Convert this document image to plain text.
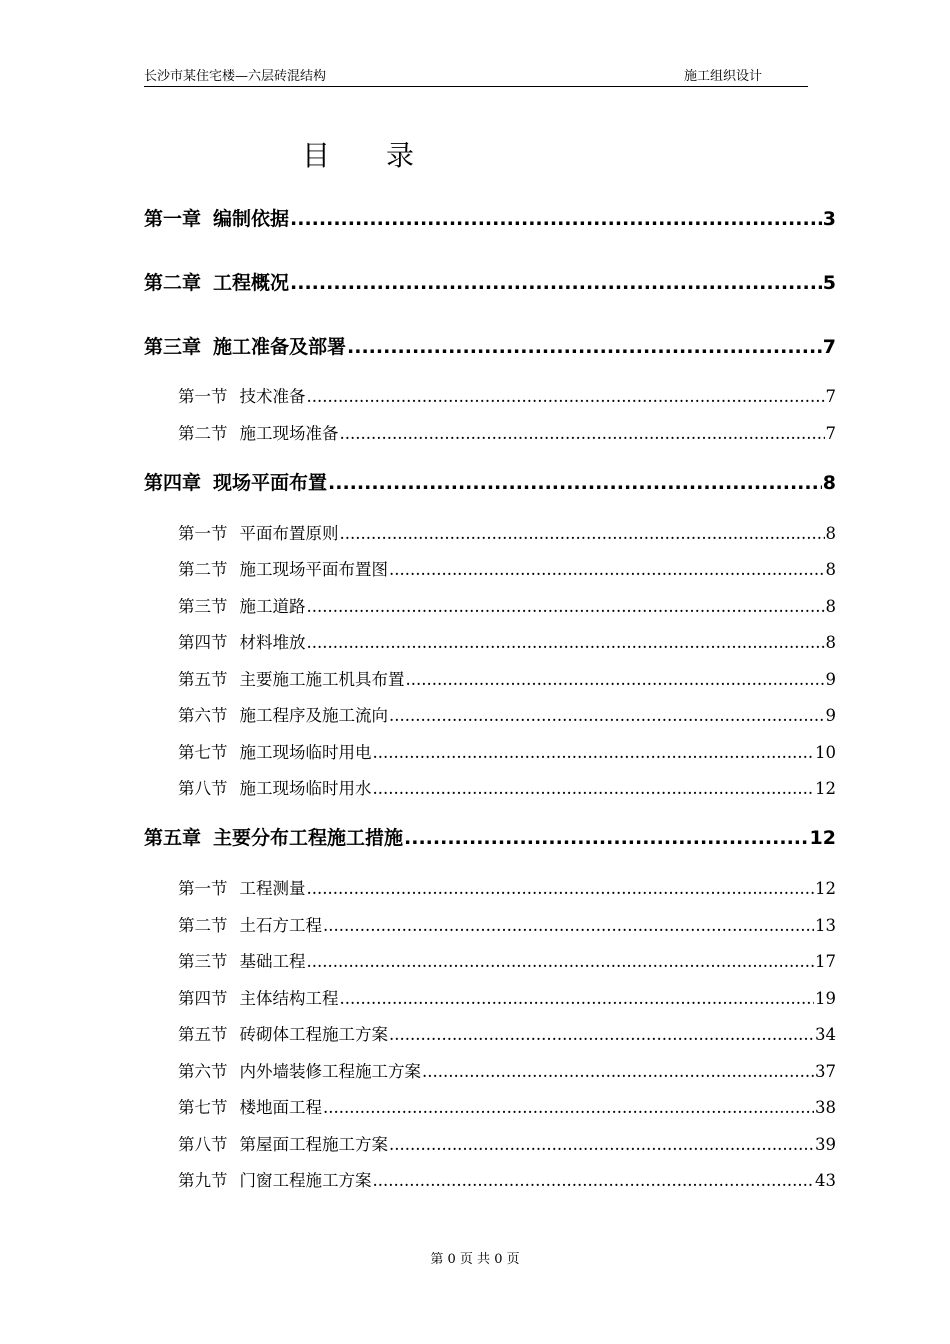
长沙市某住宅楼—六层砖混结构	施工组织设计
目 录
第一章 编制依据 .....	3
第二章 工程概况 .....	5
第三章 施工准备及部署 .....	7
第一节 技术准备 .....	7
第二节 施工现场准备 .....	7
第四章 现场平面布置 .....	8
第一节 平面布置原则 .....	8
第二节 施工现场平面布置图 .....	8
第三节 施工道路 .....	8
第四节 材料堆放 .....	8
第五节 主要施工施工机具布置 .....	9
第六节 施工程序及施工流向 .....	9
第七节 施工现场临时用电 .....	10
第八节 施工现场临时用水 .....	12
第五章 主要分布工程施工措施 .....	12
第一节 工程测量 .....	12
第二节 土石方工程 .....	13
第三节 基础工程 .....	17
第四节 主体结构工程 .....	19
第五节 砖砌体工程施工方案 .....	34
第六节 内外墙装修工程施工方案 .....	37
第七节 楼地面工程 .....	38
第八节 第屋面工程施工方案 .....	39
第九节 门窗工程施工方案 .....	43
第 0 页 共 0 页
